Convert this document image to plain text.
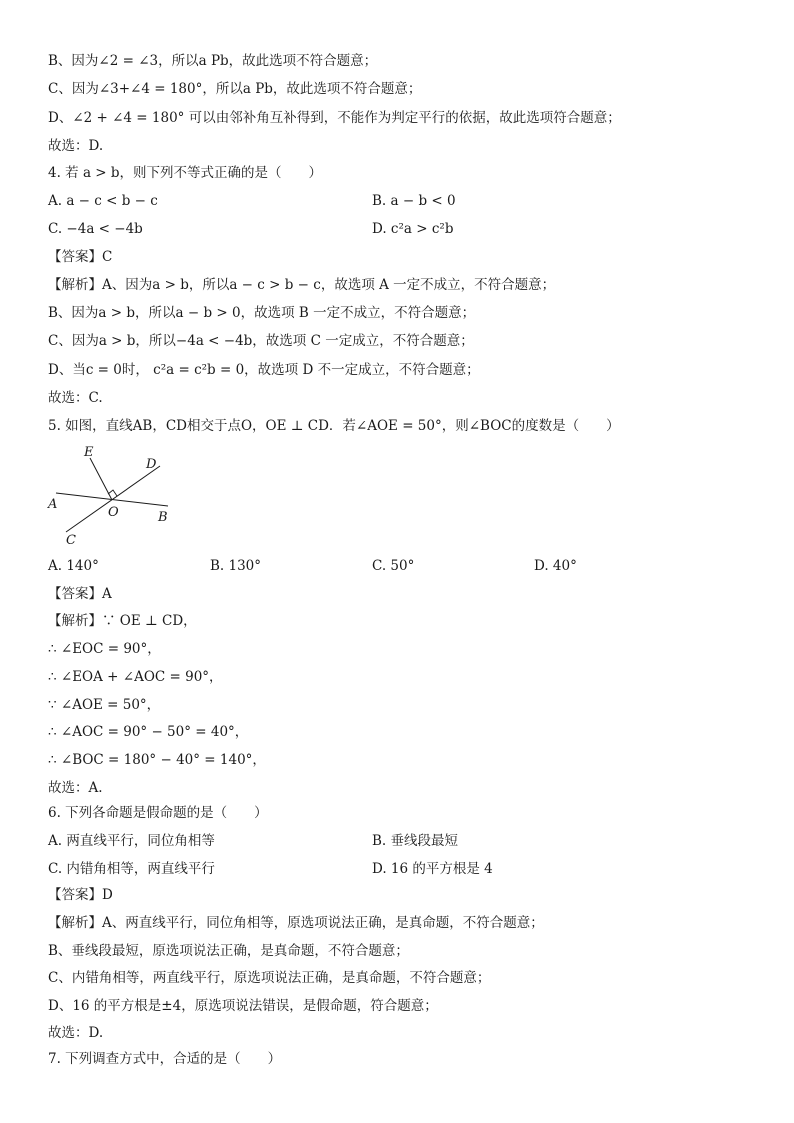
B、因为∠2 = ∠3，所以a Pb，故此选项不符合题意；
C、因为∠3+∠4 = 180°，所以a Pb，故此选项不符合题意；
D、∠2 + ∠4 = 180° 可以由邻补角互补得到，不能作为判定平行的依据，故此选项符合题意；
故选：D.
4. 若 a > b，则下列不等式正确的是（　　）
【解析】A、因为a > b，所以a − c > b − c，故选项 A 一定不成立，不符合题意；
B、因为a > b，所以a − b > 0，故选项 B 一定不成立，不符合题意；
C、因为a > b，所以−4a < −4b，故选项 C 一定成立，不符合题意；
D、当c = 0时， c²a = c²b = 0，故选项 D 不一定成立，不符合题意；
故选：C.
5. 如图，直线AB，CD相交于点O，OE ⊥ CD．若∠AOE = 50°，则∠BOC的度数是（　　）
【解析】∵ OE ⊥ CD，
∴ ∠EOC = 90°，
∴ ∠EOA + ∠AOC = 90°，
∵ ∠AOE = 50°，
∴ ∠AOC = 90° − 50° = 40°，
∴ ∠BOC = 180° − 40° = 140°，
故选：A.
6. 下列各命题是假命题的是（　　）
【解析】A、两直线平行，同位角相等，原选项说法正确，是真命题，不符合题意；
B、垂线段最短，原选项说法正确，是真命题，不符合题意；
C、内错角相等，两直线平行，原选项说法正确，是真命题，不符合题意；
D、16 的平方根是±4，原选项说法错误，是假命题，符合题意；
故选：D.
7. 下列调查方式中，合适的是（　　）
【答案】C
【答案】A
【答案】D
A. a − c < b − c	B. a − b < 0
C. −4a < −4b	D. c²a > c²b
A. 140°	B. 130°	C. 50°	D. 40°
A. 两直线平行，同位角相等	B. 垂线段最短
C. 内错角相等，两直线平行	D. 16 的平方根是 4
E
D
A
O	B
C
